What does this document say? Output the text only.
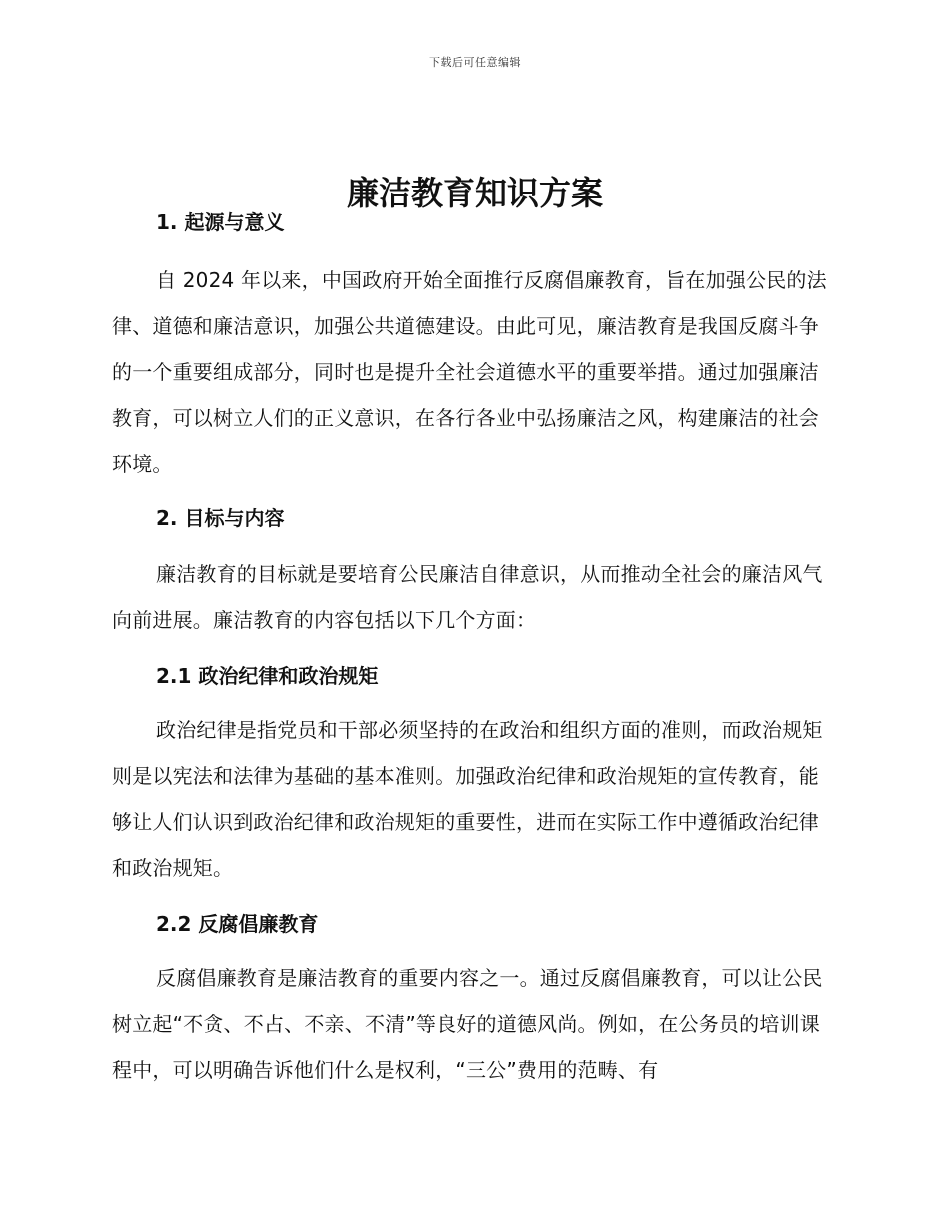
下载后可任意编辑
廉洁教育知识方案
1. 起源与意义

自 2024 年以来，中国政府开始全面推行反腐倡廉教育，旨在加强公民的法律、道德和廉洁意识，加强公共道德建设。由此可见，廉洁教育是我国反腐斗争的一个重要组成部分，同时也是提升全社会道德水平的重要举措。通过加强廉洁教育，可以树立人们的正义意识，在各行各业中弘扬廉洁之风，构建廉洁的社会环境。

2. 目标与内容

廉洁教育的目标就是要培育公民廉洁自律意识，从而推动全社会的廉洁风气向前进展。廉洁教育的内容包括以下几个方面：

2.1 政治纪律和政治规矩

政治纪律是指党员和干部必须坚持的在政治和组织方面的准则，而政治规矩则是以宪法和法律为基础的基本准则。加强政治纪律和政治规矩的宣传教育，能够让人们认识到政治纪律和政治规矩的重要性，进而在实际工作中遵循政治纪律和政治规矩。

2.2 反腐倡廉教育

反腐倡廉教育是廉洁教育的重要内容之一。通过反腐倡廉教育，可以让公民树立起“不贪、不占、不亲、不清”等良好的道德风尚。例如，在公务员的培训课程中，可以明确告诉他们什么是权利，“三公”费用的范畴、有
